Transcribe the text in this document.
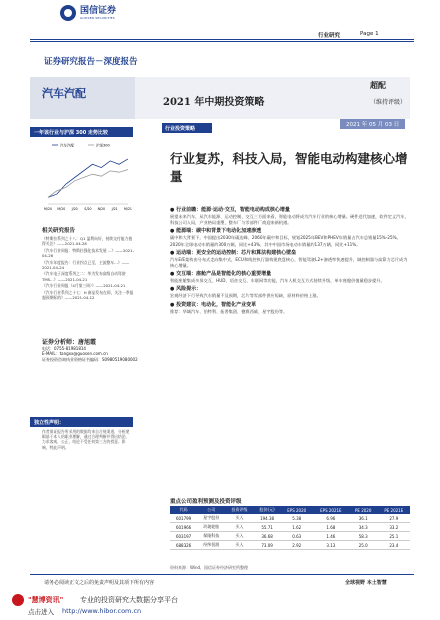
国信证券
GUOSEN SECURITIES
行业研究	Page 1
证券研究报告－深度报告
汽车汽配
2021 年中期投资策略
超配
（维持评级）
2021 年 05 月 03 日
一年该行业与沪深 300 走势比较
汽车汽配	沪深300
M/20 M/20	J/20 S/20 N/20	J/21 M/21
相关研究报告

《特斯拉系列之十八：Q1 盈利向好，持续交付能力值得关注》——2021-04-28

《汽车行业周报：特斯拉强化技术发展 …》——2021-04-26

《汽车年度报告：行业拐点已至，主流整车…》——2021-04-24

《汽车电子深度系列之二：华为发布高级自动驾驶 TMS…》——2021-04-21

《汽车行业周报（4月第三周）》——2021-04-21

《汽车行业系列之十七：H 新品发布在即，关注一季报超预期标的》——2021-04-12

证券分析师：唐旭霞
电话：0755-81981814
E-MAIL：tangxx@guosen.com.cn
证券投资咨询执业资格证书编码：S0980519080002
独立性声明：
作者保证报告所采用的数据均来自合规渠道，分析逻辑基于本人的职业理解，通过合理判断并得出结论，力求客观、公正，结论不受任何第三方的授意、影响，特此声明。
行业投资策略
行业复苏，科技入局，智能电动构建核心增量
● 行业前瞻：能源·运动·交互，智能电动构成核心增量
展望未来汽车，从汽车能源、运动控制、交互三方面来看，智能电动将成为汽车行业的核心增量。硬件迭代加速，软件定义汽车，科技公司入局，产业格局重塑，整车厂与零部件厂商迎来新机遇。
● 能源端：碳中和背景下电动化加速渗透
碳中和大背景下，中国提出2030年碳达峰、2060年碳中和目标，规划2025年BEV和PHEV年销量占汽车总销量15%-25%。2020年全球电动车销量约300万辆，同比+43%，其中中国市场电动车销量约137万辆，同比+11%。
● 运动端：更安全的运动控制：芯片和算法构建核心壁垒
汽车E/E架构由分布式走向集中式，ECU和线控执行器构建底盘核心，智能驾驶L2+渗透率快速提升，域控制器与高算力芯片成为核心增量。
● 交互端：座舱产品是智能化的核心重要增量
智能座舱集成多屏交互、HUD、语音交互、车联网等功能，汽车人机交互方式持续升级，单车座舱价值量稳步提升。
● 风险提示：
宏观经济下行导致汽车销量不及预期，芯片等零部件供应短缺，原材料价格上涨。
● 投资建议：电动化，智能化产业变革
推荐：华域汽车、伯特利、拓普集团、德赛西威、星宇股份等。
重点公司盈利预测及投资评级
代码	公司	投资评级	股价(元)	EPS 2020	EPS 2021E	PE 2020	PE 2021E
601799	星宇股份	买入	194.38	5.38	6.96	36.1	27.9
601966	玲珑轮胎	买入	55.71	1.62	1.68	34.3	33.2
603197	保隆科技	买入	36.68	0.63	1.46	58.3	25.1
688326	经纬恒润	买入	73.09	2.92	3.13	25.0	23.4
资料来源：Wind、国信证券经济研究所整理
请务必阅读正文之后的免责声明及其项下所有内容	全球视野 本土智慧
"慧博资讯" 专业的投资研究大数据分享平台
点击进入 http://www.hibor.com.cn
